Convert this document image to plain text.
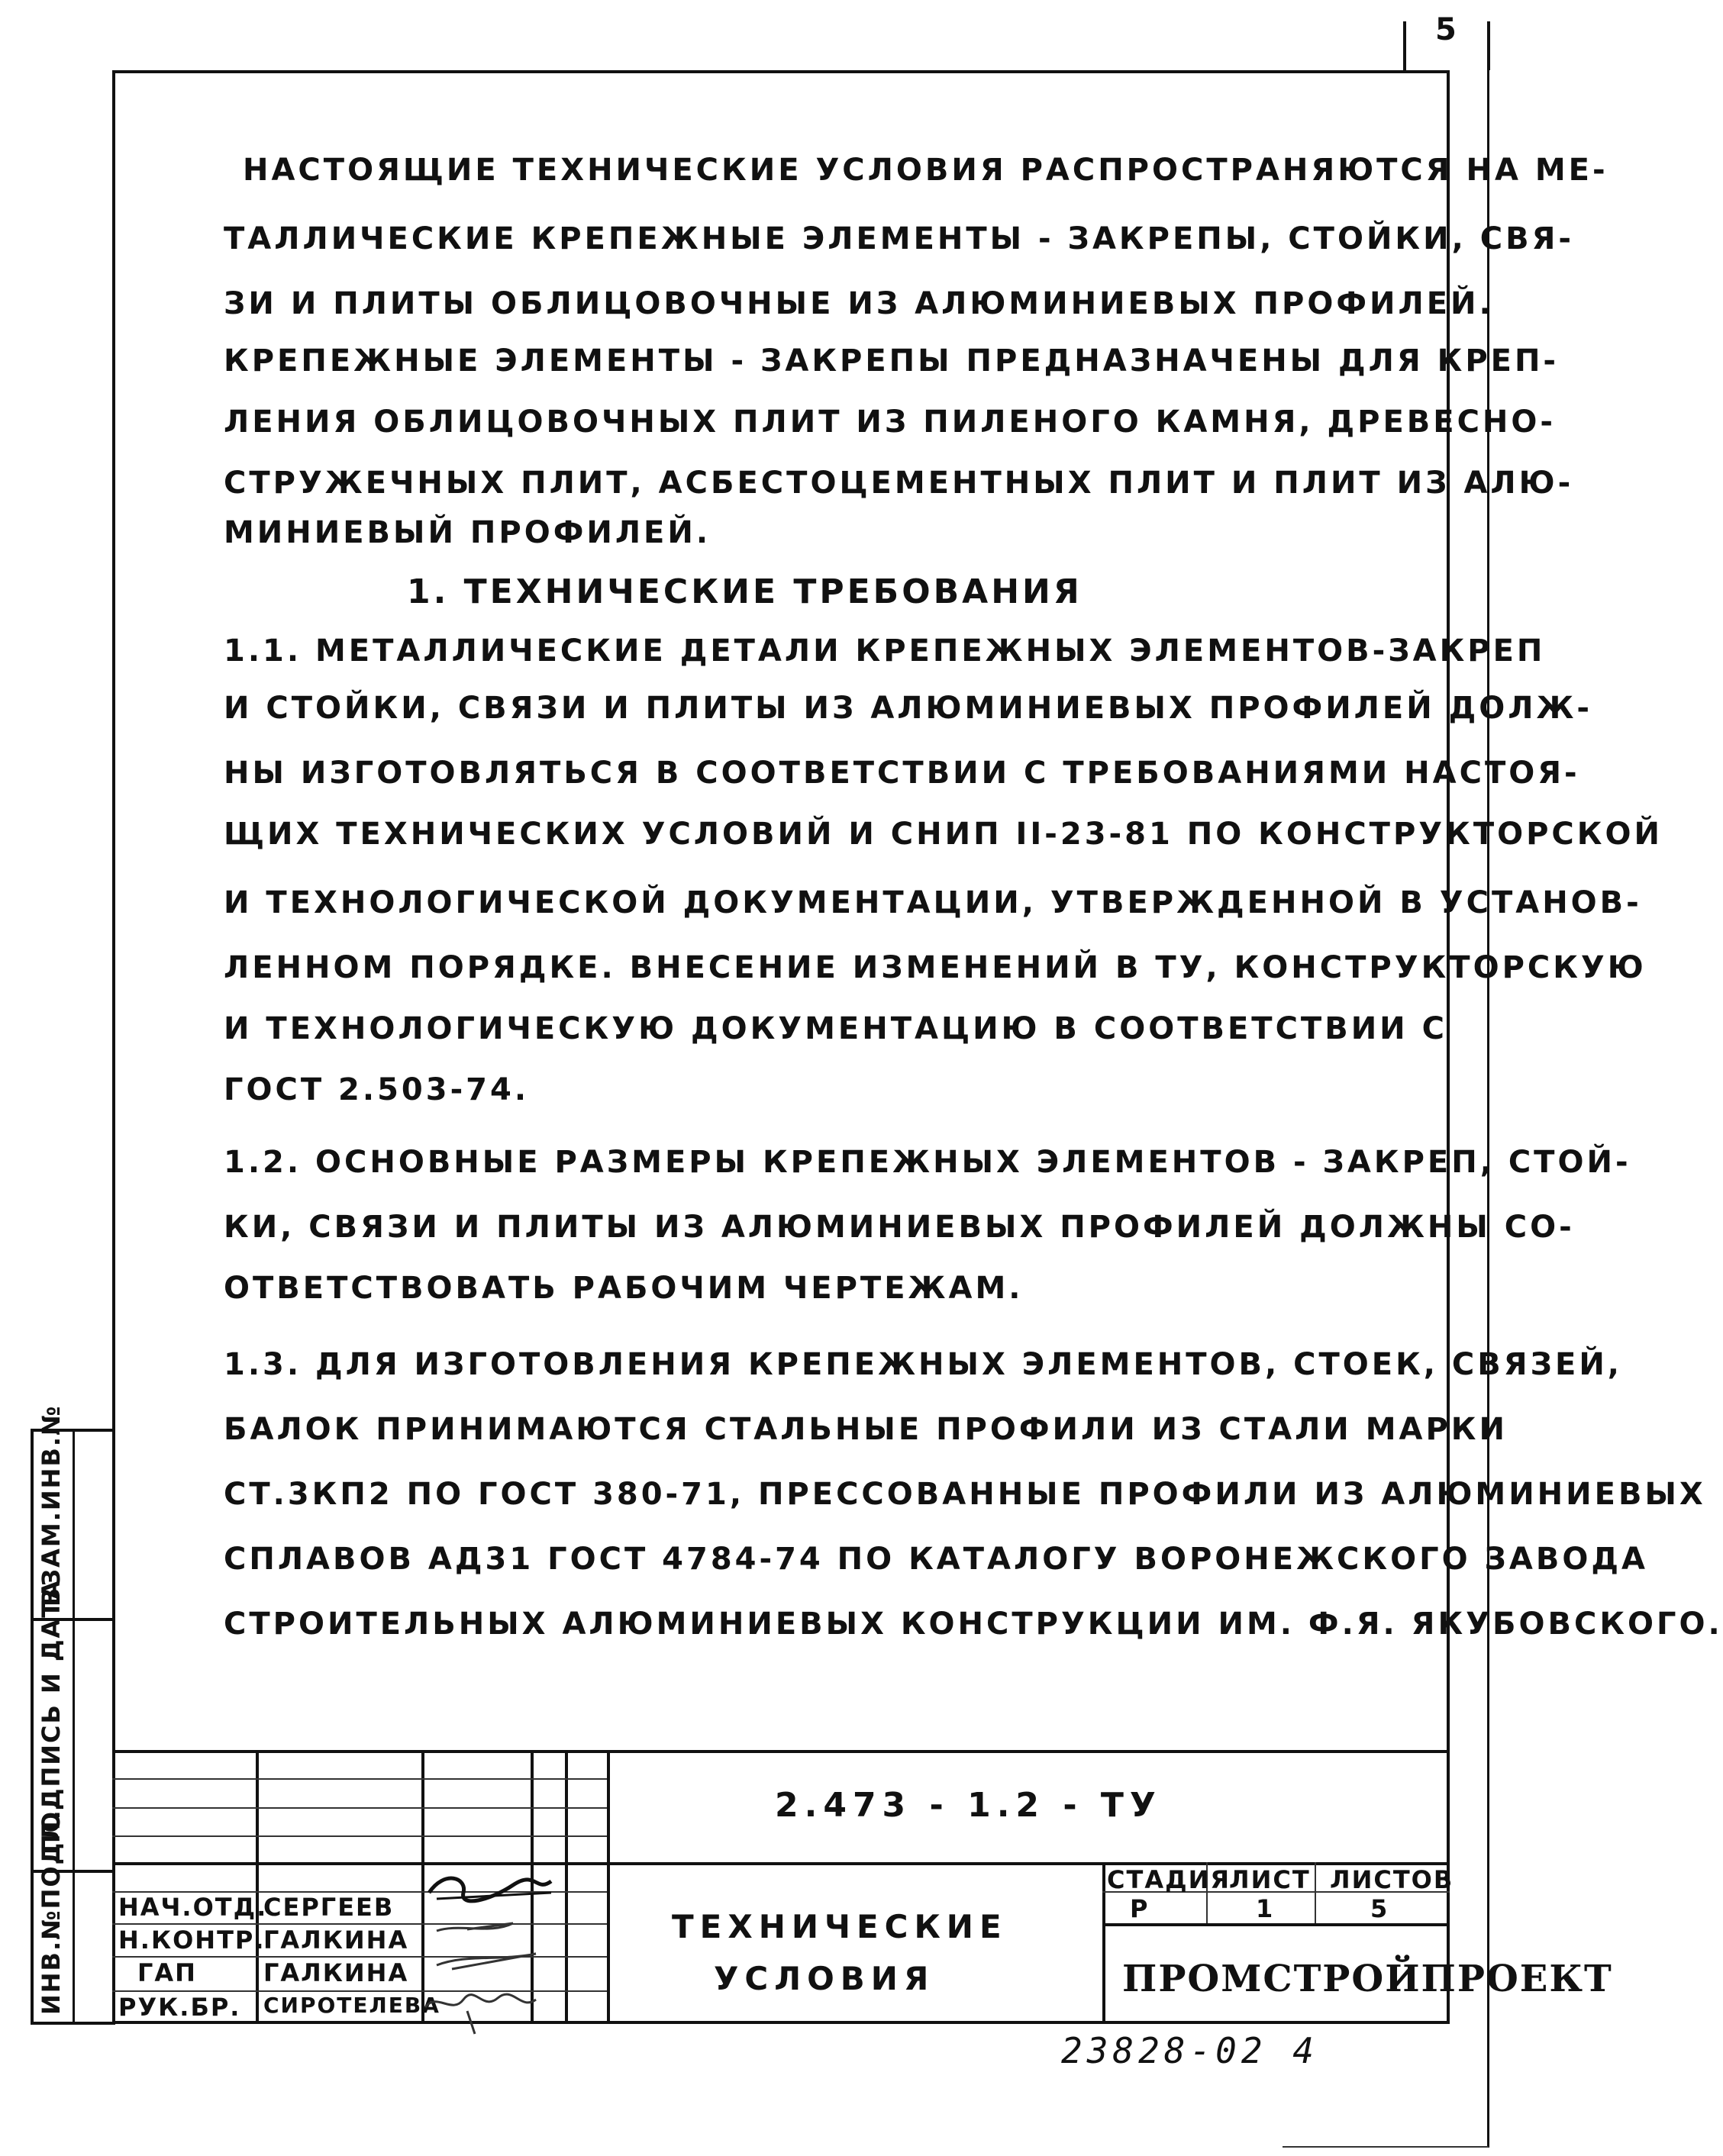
5
НАСТОЯЩИЕ ТЕХНИЧЕСКИЕ УСЛОВИЯ РАСПРОСТРАНЯЮТСЯ НА МЕ-
ТАЛЛИЧЕСКИЕ КРЕПЕЖНЫЕ ЭЛЕМЕНТЫ - ЗАКРЕПЫ, СТОЙКИ, СВЯ-
ЗИ И ПЛИТЫ ОБЛИЦОВОЧНЫЕ ИЗ АЛЮМИНИЕВЫХ ПРОФИЛЕЙ.
КРЕПЕЖНЫЕ ЭЛЕМЕНТЫ - ЗАКРЕПЫ ПРЕДНАЗНАЧЕНЫ ДЛЯ КРЕП-
ЛЕНИЯ ОБЛИЦОВОЧНЫХ ПЛИТ ИЗ ПИЛЕНОГО КАМНЯ, ДРЕВЕСНО-
СТРУЖЕЧНЫХ ПЛИТ, АСБЕСТОЦЕМЕНТНЫХ ПЛИТ И ПЛИТ ИЗ АЛЮ-
МИНИЕВЫЙ ПРОФИЛЕЙ.
1. ТЕХНИЧЕСКИЕ ТРЕБОВАНИЯ
1.1. МЕТАЛЛИЧЕСКИЕ ДЕТАЛИ КРЕПЕЖНЫХ ЭЛЕМЕНТОВ-ЗАКРЕП
И СТОЙКИ, СВЯЗИ И ПЛИТЫ ИЗ АЛЮМИНИЕВЫХ ПРОФИЛЕЙ ДОЛЖ-
НЫ ИЗГОТОВЛЯТЬСЯ В СООТВЕТСТВИИ С ТРЕБОВАНИЯМИ НАСТОЯ-
ЩИХ ТЕХНИЧЕСКИХ УСЛОВИЙ И СНИП II-23-81 ПО КОНСТРУКТОРСКОЙ
И ТЕХНОЛОГИЧЕСКОЙ ДОКУМЕНТАЦИИ, УТВЕРЖДЕННОЙ В УСТАНОВ-
ЛЕННОМ ПОРЯДКЕ. ВНЕСЕНИЕ ИЗМЕНЕНИЙ В ТУ, КОНСТРУКТОРСКУЮ
И ТЕХНОЛОГИЧЕСКУЮ ДОКУМЕНТАЦИЮ В СООТВЕТСТВИИ С
ГОСТ 2.503-74.
1.2. ОСНОВНЫЕ РАЗМЕРЫ КРЕПЕЖНЫХ ЭЛЕМЕНТОВ - ЗАКРЕП, СТОЙ-
КИ, СВЯЗИ И ПЛИТЫ ИЗ АЛЮМИНИЕВЫХ ПРОФИЛЕЙ ДОЛЖНЫ СО-
ОТВЕТСТВОВАТЬ РАБОЧИМ ЧЕРТЕЖАМ.
1.3. ДЛЯ ИЗГОТОВЛЕНИЯ КРЕПЕЖНЫХ ЭЛЕМЕНТОВ, СТОЕК, СВЯЗЕЙ,
БАЛОК ПРИНИМАЮТСЯ СТАЛЬНЫЕ ПРОФИЛИ ИЗ СТАЛИ МАРКИ
СТ.3КП2 ПО ГОСТ 380-71, ПРЕССОВАННЫЕ ПРОФИЛИ ИЗ АЛЮМИНИЕВЫХ
СПЛАВОВ АД31 ГОСТ 4784-74 ПО КАТАЛОГУ ВОРОНЕЖСКОГО ЗАВОДА
СТРОИТЕЛЬНЫХ АЛЮМИНИЕВЫХ КОНСТРУКЦИИ ИМ. Ф.Я. ЯКУБОВСКОГО.
ВЗАМ.ИНВ.№
ПОДПИСЬ И ДАТА
ИНВ.№ПОДЛ. НАЧ.ОТД.
Н.КОНТР.
ГАП
РУК.БР.
СЕРГЕЕВ
ГАЛКИНА
ГАЛКИНА
СИРОТЕЛЕВА
2.473 - 1.2 - ТУ
ТЕХНИЧЕСКИЕ
УСЛОВИЯ
СТАДИЯ
ЛИСТ ЛИСТОВ
Р	1	5
ПРОМСТРОЙПРОЕКТ
23828-02 4
